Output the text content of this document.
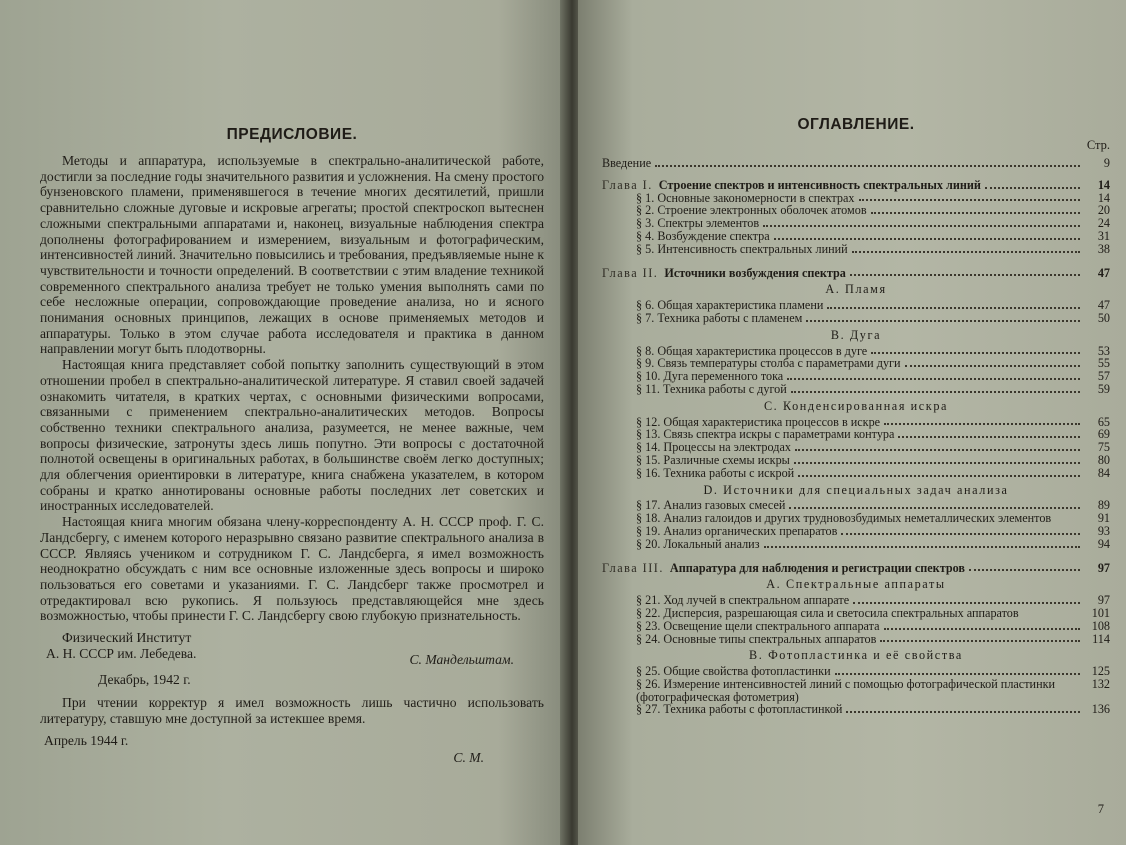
ПРЕДИСЛОВИЕ.

Методы и аппаратура, используемые в спектрально-аналитической работе, достигли за последние годы значительного развития и усложнения. На смену простого бунзеновского пламени, применявшегося в течение многих десятилетий, пришли сравнительно сложные дуговые и искровые агрегаты; простой спектроскоп вытеснен сложными спектральными аппаратами и, наконец, визуальные наблюдения спектра дополнены фотографированием и измерением, визуальным и фотографическим, интенсивностей линий. Значительно повысились и требования, предъявляемые ныне к чувствительности и точности определений. В соответствии с этим владение техникой современного спектрального анализа требует не только умения выполнять сами по себе несложные операции, сопровождающие проведение анализа, но и ясного понимания основных принципов, лежащих в основе применяемых методов и аппаратуры. Только в этом случае работа исследователя и практика в данном направлении могут быть плодотворны.

Настоящая книга представляет собой попытку заполнить существующий в этом отношении пробел в спектрально-аналитической литературе. Я ставил своей задачей ознакомить читателя, в кратких чертах, с основными физическими вопросами, связанными с применением спектрально-аналитических методов. Вопросы собственно техники спектрального анализа, разумеется, не менее важные, чем вопросы физические, затронуты здесь лишь попутно. Эти вопросы с достаточной полнотой освещены в оригинальных работах, в большинстве своём легко доступных; для облегчения ориентировки в литературе, книга снабжена указателем, в котором собраны и кратко аннотированы основные работы последних лет советских и иностранных исследователей.

Настоящая книга многим обязана члену-корреспонденту А. Н. СССР проф. Г. С. Ландсбергу, с именем которого неразрывно связано развитие спектрального анализа в СССР. Являясь учеником и сотрудником Г. С. Ландсберга, я имел возможность неоднократно обсуждать с ним все основные изложенные здесь вопросы и широко пользоваться его советами и указаниями. Г. С. Ландсберг также просмотрел и отредактировал всю рукопись. Я пользуюсь представляющейся мне здесь возможностью, чтобы принести Г. С. Ландсбергу свою глубокую признательность.

Физический Институт
А. Н. СССР им. Лебедева.	С. Мандельштам.
Декабрь, 1942 г.

При чтении корректур я имел возможность лишь частично использовать литературу, ставшую мне доступной за истекшее время.

Апрель 1944 г.
С. М.
ОГЛАВЛЕНИЕ.
Стр.
Введение	9
Глава I. Строение спектров и интенсивность спектральных линий	14
§ 1. Основные закономерности в спектрах	14
§ 2. Строение электронных оболочек атомов	20
§ 3. Спектры элементов	24
§ 4. Возбуждение спектра	31
§ 5. Интенсивность спектральных линий	38
Глава II. Источники возбуждения спектра	47
А. Пламя
§ 6. Общая характеристика пламени	47
§ 7. Техника работы с пламенем	50
В. Дуга
§ 8. Общая характеристика процессов в дуге	53
§ 9. Связь температуры столба с параметрами дуги	55
§ 10. Дуга переменного тока	57
§ 11. Техника работы с дугой	59
С. Конденсированная искра
§ 12. Общая характеристика процессов в искре	65
§ 13. Связь спектра искры с параметрами контура	69
§ 14. Процессы на электродах	75
§ 15. Различные схемы искры	80
§ 16. Техника работы с искрой	84
D. Источники для специальных задач анализа
§ 17. Анализ газовых смесей	89
§ 18. Анализ галоидов и других трудновозбудимых неметаллических элементов	91
§ 19. Анализ органических препаратов	93
§ 20. Локальный анализ	94
Глава III. Аппаратура для наблюдения и регистрации спектров	97
А. Спектральные аппараты
§ 21. Ход лучей в спектральном аппарате	97
§ 22. Дисперсия, разрешающая сила и светосила спектральных аппаратов	101
§ 23. Освещение щели спектрального аппарата	108
§ 24. Основные типы спектральных аппаратов	114
В. Фотопластинка и её свойства
§ 25. Общие свойства фотопластинки	125
§ 26. Измерение интенсивностей линий с помощью фотографической пластинки (фотографическая фотометрия)
132
§ 27. Техника работы с фотопластинкой	136
7
